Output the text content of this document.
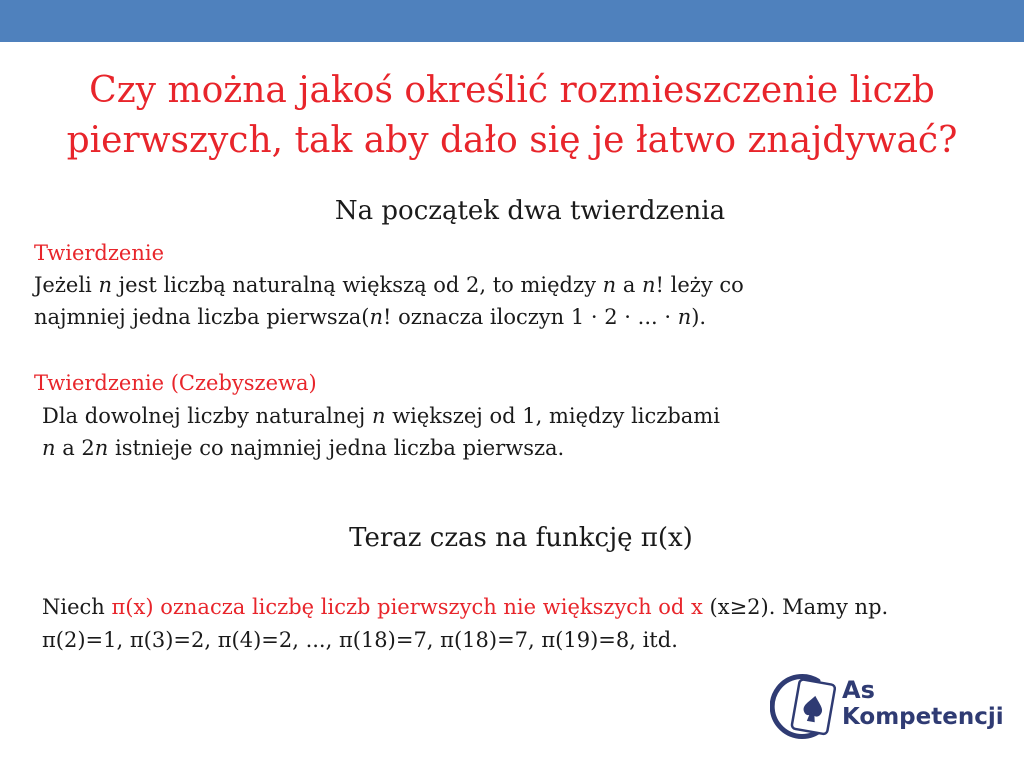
Czy można jakoś określić rozmieszczenie liczb
pierwszych, tak aby dało się je łatwo znajdywać?
Na początek dwa twierdzenia
Twierdzenie
Jeżeli n jest liczbą naturalną większą od 2, to między n a n! leży co
najmniej jedna liczba pierwsza(n! oznacza iloczyn 1 · 2 · ... · n).
Twierdzenie (Czebyszewa)
Dla dowolnej liczby naturalnej n większej od 1, między liczbami
n a 2n istnieje co najmniej jedna liczba pierwsza.
Teraz czas na funkcję π(x)
Niech π(x) oznacza liczbę liczb pierwszych nie większych od x (x≥2). Mamy np.
π(2)=1, π(3)=2, π(4)=2, ..., π(18)=7, π(18)=7, π(19)=8, itd.
As
Kompetencji
